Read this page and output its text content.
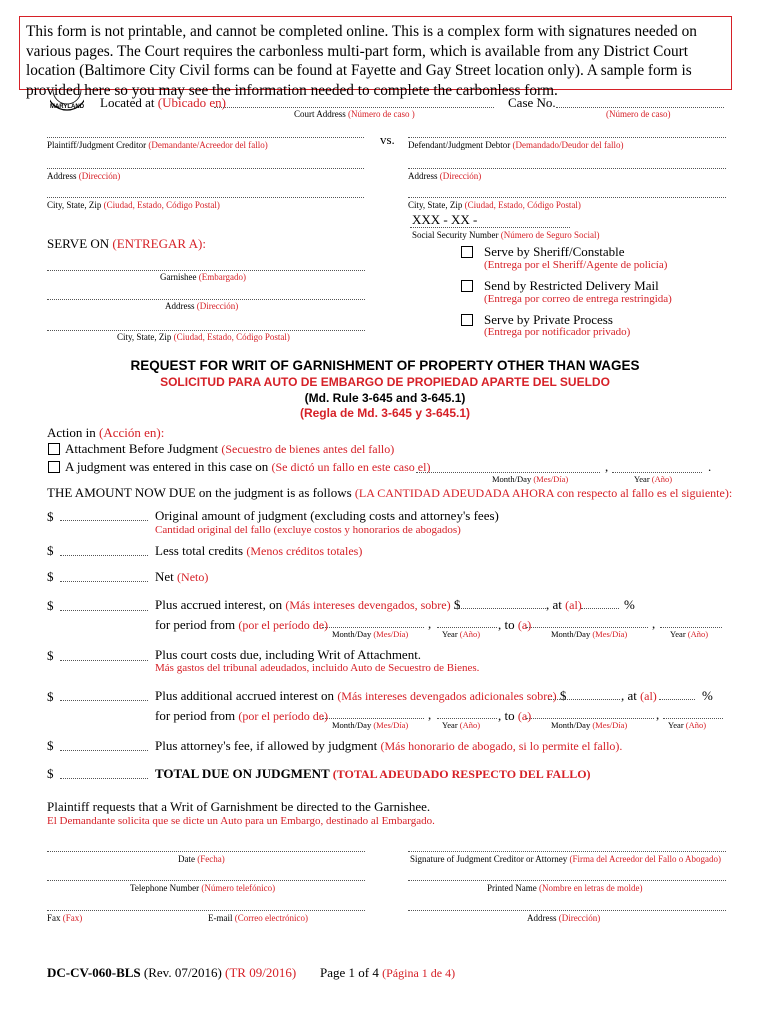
MARYLAND Located at (Ubicado en)	Case No.
Court Address (Número de caso )	(Número de caso)
This form is not printable, and cannot be completed online. This is a complex form with signatures needed on various pages. The Court requires the carbonless multi-part form, which is available from any District Court location (Baltimore City Civil forms can be found at Fayette and Gay Street location only). A sample form is provided here so you may see the information needed to complete the carbonless form.
Plaintiff/Judgment Creditor (Demandante/Acreedor del fallo)	vs. Defendant/Judgment Debtor (Demandado/Deudor del fallo)
Address (Dirección)	Address (Dirección)
City, State, Zip (Ciudad, Estado, Código Postal)	City, State, Zip (Ciudad, Estado, Código Postal)
XXX - XX -
Social Security Number (Número de Seguro Social)
SERVE ON (ENTREGAR A):
Garnishee (Embargado)
Address (Dirección)
City, State, Zip (Ciudad, Estado, Código Postal)
Serve by Sheriff/Constable
(Entrega por el Sheriff/Agente de policía)
Send by Restricted Delivery Mail
(Entrega por correo de entrega restringida)
Serve by Private Process
(Entrega por notificador privado)
REQUEST FOR WRIT OF GARNISHMENT OF PROPERTY OTHER THAN WAGES
SOLICITUD PARA AUTO DE EMBARGO DE PROPIEDAD APARTE DEL SUELDO
(Md. Rule 3-645 and 3-645.1)
(Regla de Md. 3-645 y 3-645.1)
Action in (Acción en):
Attachment Before Judgment (Secuestro de bienes antes del fallo)
A judgment was entered in this case on (Se dictó un fallo en este caso el)	,	.
Month/Day (Mes/Día)	Year (Año)
THE AMOUNT NOW DUE on the judgment is as follows (LA CANTIDAD ADEUDADA AHORA con respecto al fallo es el siguiente):
$	Original amount of judgment (excluding costs and attorney's fees)
Cantidad original del fallo (excluye costos y honorarios de abogados)
$	Less total credits (Menos créditos totales)
$	Net (Neto)
$	Plus accrued interest, on (Más intereses devengados, sobre) $	, at (al)	%
for period from (por el período de)	,	, to (a)	,
Month/Day (Mes/Día)	Year (Año)	Month/Day (Mes/Día)	Year (Año)
$	Plus court costs due, including Writ of Attachment.
Más gastos del tribunal adeudados, incluido Auto de Secuestro de Bienes.
$	Plus additional accrued interest on (Más intereses devengados adicionales sobre) $	, at (al)	%
for period from (por el período de)	,	, to (a)	,
Month/Day (Mes/Día)	Year (Año)	Month/Day (Mes/Día)	Year (Año)
$	Plus attorney's fee, if allowed by judgment (Más honorario de abogado, si lo permite el fallo).
$	TOTAL DUE ON JUDGMENT (TOTAL ADEUDADO RESPECTO DEL FALLO)
Plaintiff requests that a Writ of Garnishment be directed to the Garnishee.
El Demandante solicita que se dicte un Auto para un Embargo, destinado al Embargado.
Date (Fecha)	Signature of Judgment Creditor or Attorney (Firma del Acreedor del Fallo o Abogado)
Telephone Number (Número telefónico)	Printed Name (Nombre en letras de molde)
Fax (Fax)	E-mail (Correo electrónico)	Address (Dirección)
DC-CV-060-BLS (Rev. 07/2016) (TR 09/2016) Page 1 of 4 (Página 1 de 4)
